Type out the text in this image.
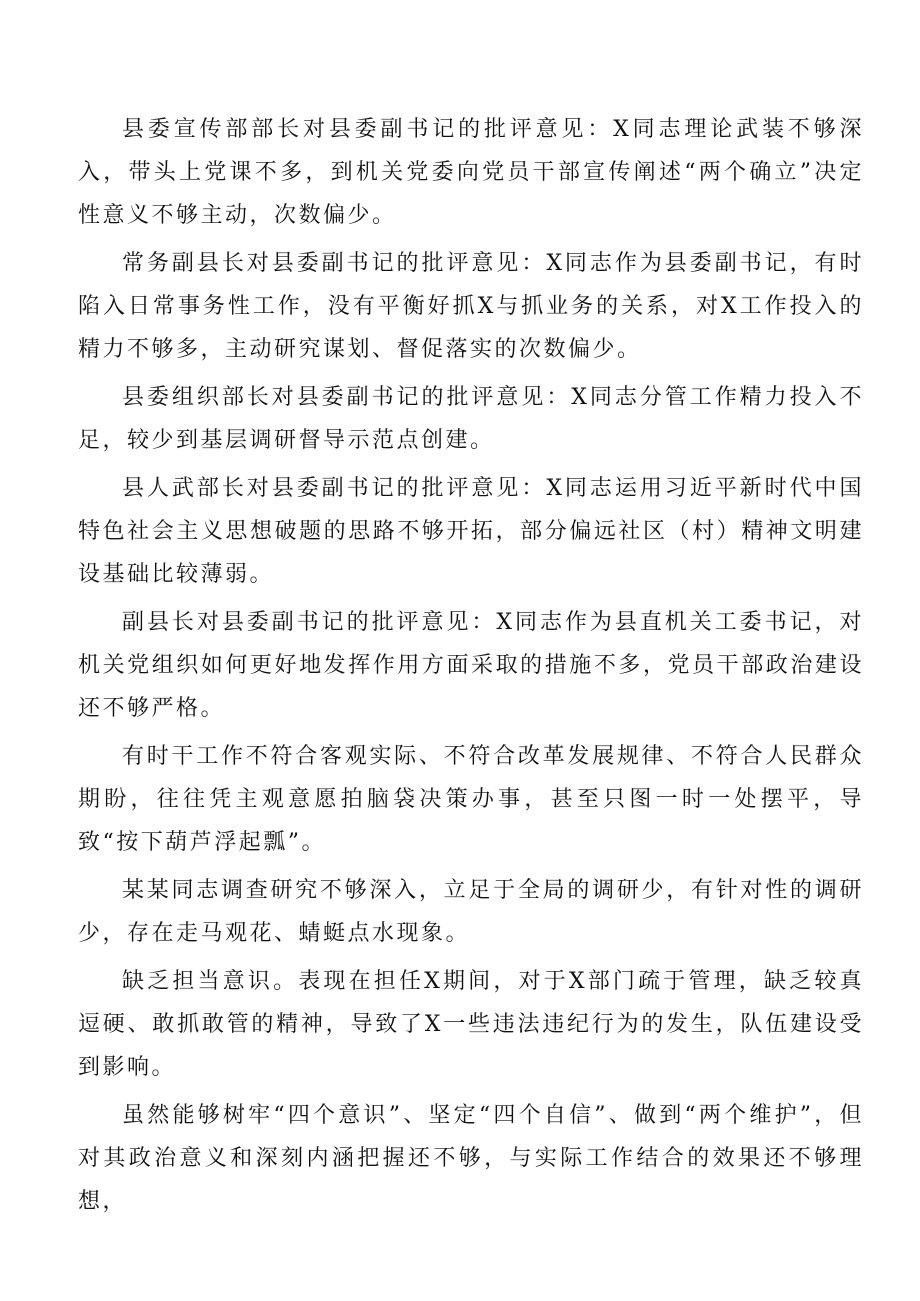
县委宣传部部长对县委副书记的批评意见：X同志理论武装不够深入，带头上党课不多，到机关党委向党员干部宣传阐述“两个确立”决定性意义不够主动，次数偏少。

常务副县长对县委副书记的批评意见：X同志作为县委副书记，有时陷入日常事务性工作，没有平衡好抓X与抓业务的关系，对X工作投入的精力不够多，主动研究谋划、督促落实的次数偏少。

县委组织部长对县委副书记的批评意见：X同志分管工作精力投入不足，较少到基层调研督导示范点创建。

县人武部长对县委副书记的批评意见：X同志运用习近平新时代中国特色社会主义思想破题的思路不够开拓，部分偏远社区（村）精神文明建设基础比较薄弱。

副县长对县委副书记的批评意见：X同志作为县直机关工委书记，对机关党组织如何更好地发挥作用方面采取的措施不多，党员干部政治建设还不够严格。

有时干工作不符合客观实际、不符合改革发展规律、不符合人民群众期盼，往往凭主观意愿拍脑袋决策办事，甚至只图一时一处摆平，导致“按下葫芦浮起瓢”。

某某同志调查研究不够深入，立足于全局的调研少，有针对性的调研少，存在走马观花、蜻蜓点水现象。

缺乏担当意识。表现在担任X期间，对于X部门疏于管理，缺乏较真逗硬、敢抓敢管的精神，导致了X一些违法违纪行为的发生，队伍建设受到影响。

虽然能够树牢“四个意识”、坚定“四个自信”、做到“两个维护”，但对其政治意义和深刻内涵把握还不够，与实际工作结合的效果还不够理想，
